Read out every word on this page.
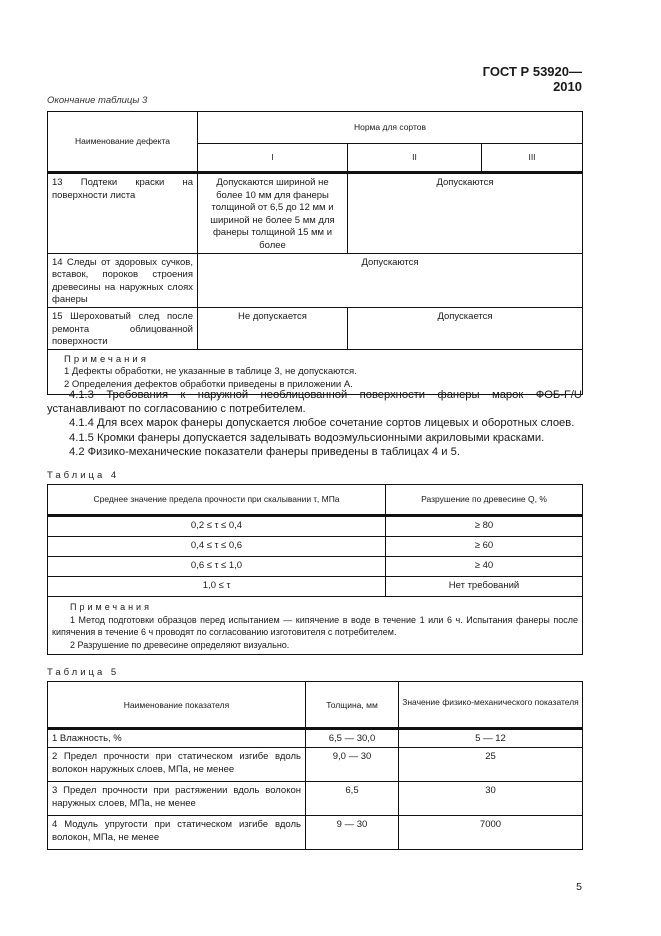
ГОСТ Р 53920—2010
Окончание таблицы 3
Наименование дефекта	Норма для сортов		
	I	II	III
13 Подтеки краски на поверхности листа	Допускаются шириной не более 10 мм для фанеры толщиной от 6,5 до 12 мм и шириной не более 5 мм для фанеры толщиной 15 мм и более	Допускаются	
14 Следы от здоровых сучков, вставок, пороков строения древесины на наружных слоях фанеры	Допускаются		
15 Шероховатый след после ремонта облицованной поверхности	Не допускается	Допускается	

Примечания
1 Дефекты обработки, не указанные в таблице 3, не допускаются.
2 Определения дефектов обработки приведены в приложении А.			
4.1.3 Требования к наружной необлицованной поверхности фанеры марок ФОБ-F/U устанавливают по согласованию с потребителем.
4.1.4 Для всех марок фанеры допускается любое сочетание сортов лицевых и оборотных слоев.
4.1.5 Кромки фанеры допускается заделывать водоэмульсионными акриловыми красками.
4.2 Физико-механические показатели фанеры приведены в таблицах 4 и 5.
Таблица 4
Среднее значение предела прочности при скалывании τ, МПа	Разрушение по древесине Q, %
0,2 ≤ τ ≤ 0,4	≥ 80
0,4 ≤ τ ≤ 0,6	≥ 60
0,6 ≤ τ ≤ 1,0	≥ 40
1,0 ≤ τ	Нет требований

Примечания
1 Метод подготовки образцов перед испытанием — кипячение в воде в течение 1 или 6 ч. Испытания фанеры после кипячения в течение 6 ч проводят по согласованию изготовителя с потребителем.
2 Разрушение по древесине определяют визуально.	
Таблица 5
Наименование показателя	Толщина, мм	Значение физико-механического показателя
1 Влажность, %	6,5 — 30,0	5 — 12
2 Предел прочности при статическом изгибе вдоль волокон наружных слоев, МПа, не менее	9,0 — 30	25
3 Предел прочности при растяжении вдоль волокон наружных слоев, МПа, не менее	6,5	30
4 Модуль упругости при статическом изгибе вдоль волокон, МПа, не менее	9 — 30	7000
5
